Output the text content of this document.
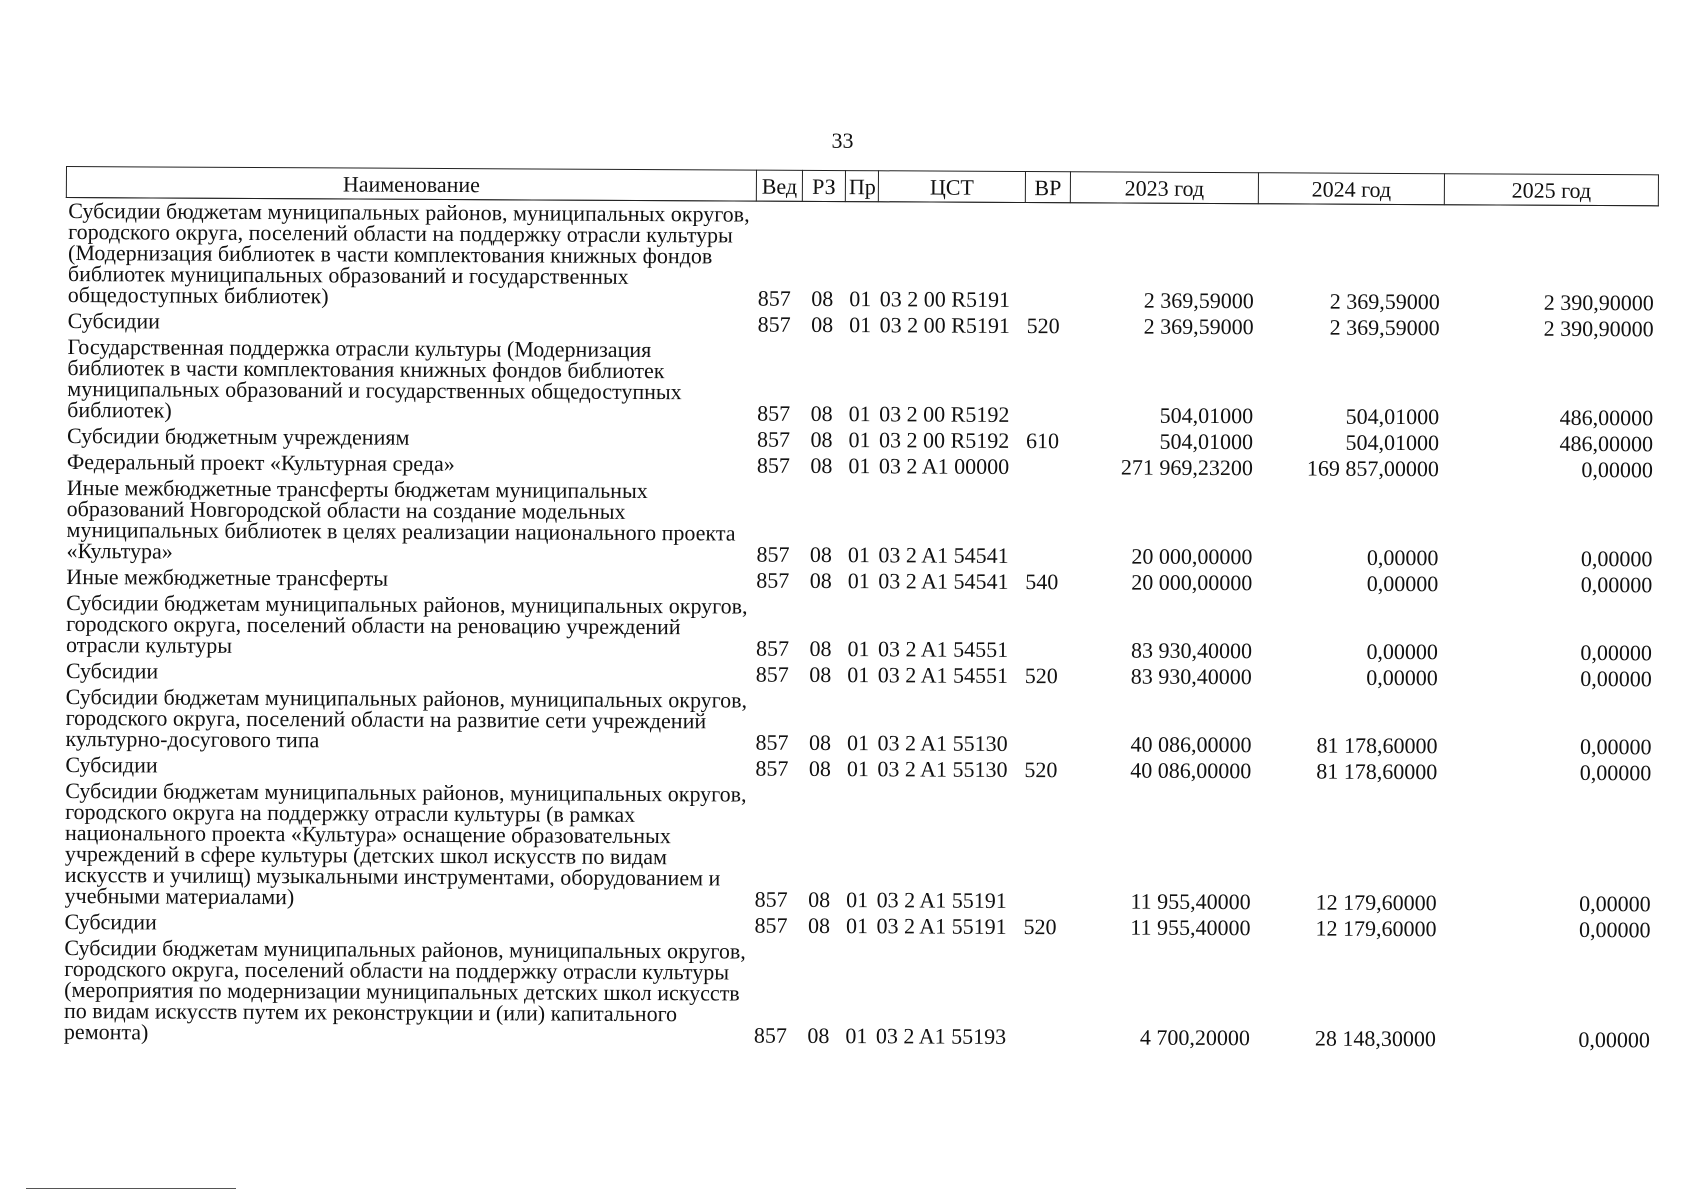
33
Наименование	Вед	РЗ	Пр	ЦСТ	ВР	2023 год	2024 год	2025 год
Субсидии бюджетам муниципальных районов, муниципальных округов, городского округа, поселений области на поддержку отрасли культуры (Модернизация библиотек в части комплектования книжных фондов библиотек муниципальных образований и государственных общедоступных библиотек)	857	08	01	03 2 00 R5191		2 369,59000	2 369,59000	2 390,90000
Субсидии	857	08	01	03 2 00 R5191	520	2 369,59000	2 369,59000	2 390,90000
Государственная поддержка отрасли культуры (Модернизация библиотек в части комплектования книжных фондов библиотек муниципальных образований и государственных общедоступных библиотек)	857	08	01	03 2 00 R5192		504,01000	504,01000	486,00000
Субсидии бюджетным учреждениям	857	08	01	03 2 00 R5192	610	504,01000	504,01000	486,00000
Федеральный проект «Культурная среда»	857	08	01	03 2 A1 00000		271 969,23200	169 857,00000	0,00000
Иные межбюджетные трансферты бюджетам муниципальных образований Новгородской области на создание модельных муниципальных библиотек в целях реализации национального проекта «Культура»	857	08	01	03 2 A1 54541		20 000,00000	0,00000	0,00000
Иные межбюджетные трансферты	857	08	01	03 2 A1 54541	540	20 000,00000	0,00000	0,00000
Субсидии бюджетам муниципальных районов, муниципальных округов, городского округа, поселений области на реновацию учреждений отрасли культуры	857	08	01	03 2 A1 54551		83 930,40000	0,00000	0,00000
Субсидии	857	08	01	03 2 A1 54551	520	83 930,40000	0,00000	0,00000
Субсидии бюджетам муниципальных районов, муниципальных округов, городского округа, поселений области на развитие сети учреждений культурно-досугового типа	857	08	01	03 2 A1 55130		40 086,00000	81 178,60000	0,00000
Субсидии	857	08	01	03 2 A1 55130	520	40 086,00000	81 178,60000	0,00000
Субсидии бюджетам муниципальных районов, муниципальных округов, городского округа на поддержку отрасли культуры (в рамках национального проекта «Культура» оснащение образовательных учреждений в сфере культуры (детских школ искусств по видам искусств и училищ) музыкальными инструментами, оборудованием и учебными материалами)	857	08	01	03 2 A1 55191		11 955,40000	12 179,60000	0,00000
Субсидии	857	08	01	03 2 A1 55191	520	11 955,40000	12 179,60000	0,00000
Субсидии бюджетам муниципальных районов, муниципальных округов, городского округа, поселений области на поддержку отрасли культуры (мероприятия по модернизации муниципальных детских школ искусств по видам искусств путем их реконструкции и (или) капитального ремонта)	857	08	01	03 2 A1 55193		4 700,20000	28 148,30000	0,00000
